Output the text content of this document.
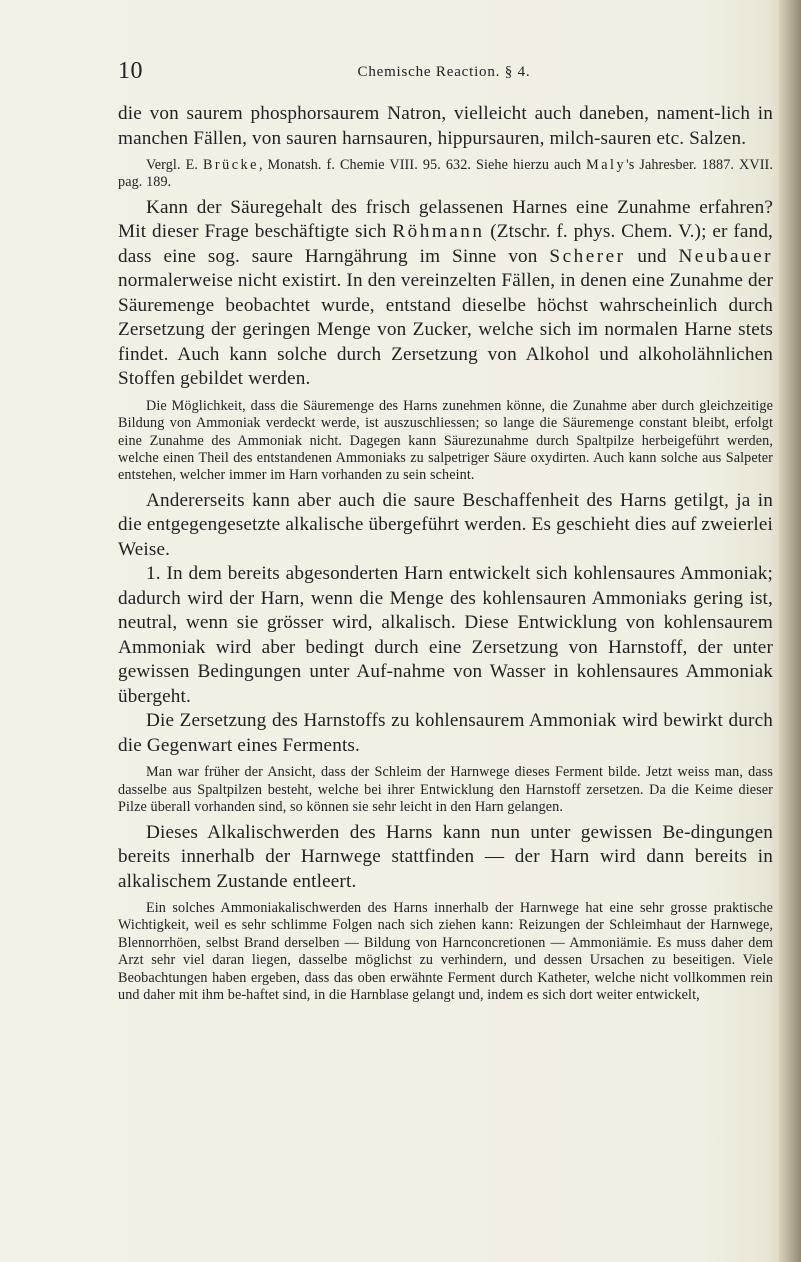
10	Chemische Reaction. § 4.

die von saurem phosphorsaurem Natron, vielleicht auch daneben, nament-lich in manchen Fällen, von sauren harnsauren, hippursauren, milch-sauren etc. Salzen.

Vergl. E. Brücke, Monatsh. f. Chemie VIII. 95. 632. Siehe hierzu auch Maly's Jahresber. 1887. XVII. pag. 189.

Kann der Säuregehalt des frisch gelassenen Harnes eine Zunahme erfahren? Mit dieser Frage beschäftigte sich Röhmann (Ztschr. f. phys. Chem. V.); er fand, dass eine sog. saure Harngährung im Sinne von Scherer und Neubauer normalerweise nicht existirt. In den vereinzelten Fällen, in denen eine Zunahme der Säuremenge beobachtet wurde, entstand dieselbe höchst wahrscheinlich durch Zersetzung der geringen Menge von Zucker, welche sich im normalen Harne stets findet. Auch kann solche durch Zersetzung von Alkohol und alkoholähnlichen Stoffen gebildet werden.

Die Möglichkeit, dass die Säuremenge des Harns zunehmen könne, die Zunahme aber durch gleichzeitige Bildung von Ammoniak verdeckt werde, ist auszuschliessen; so lange die Säuremenge constant bleibt, erfolgt eine Zunahme des Ammoniak nicht. Dagegen kann Säurezunahme durch Spaltpilze herbeigeführt werden, welche einen Theil des entstandenen Ammoniaks zu salpetriger Säure oxydirten. Auch kann solche aus Salpeter entstehen, welcher immer im Harn vorhanden zu sein scheint.

Andererseits kann aber auch die saure Beschaffenheit des Harns getilgt, ja in die entgegengesetzte alkalische übergeführt werden. Es geschieht dies auf zweierlei Weise.

1. In dem bereits abgesonderten Harn entwickelt sich kohlensaures Ammoniak; dadurch wird der Harn, wenn die Menge des kohlensauren Ammoniaks gering ist, neutral, wenn sie grösser wird, alkalisch. Diese Entwicklung von kohlensaurem Ammoniak wird aber bedingt durch eine Zersetzung von Harnstoff, der unter gewissen Bedingungen unter Auf-nahme von Wasser in kohlensaures Ammoniak übergeht.

Die Zersetzung des Harnstoffs zu kohlensaurem Ammoniak wird bewirkt durch die Gegenwart eines Ferments.

Man war früher der Ansicht, dass der Schleim der Harnwege dieses Ferment bilde. Jetzt weiss man, dass dasselbe aus Spaltpilzen besteht, welche bei ihrer Entwicklung den Harnstoff zersetzen. Da die Keime dieser Pilze überall vorhanden sind, so können sie sehr leicht in den Harn gelangen.

Dieses Alkalischwerden des Harns kann nun unter gewissen Be-dingungen bereits innerhalb der Harnwege stattfinden — der Harn wird dann bereits in alkalischem Zustande entleert.

Ein solches Ammoniakalischwerden des Harns innerhalb der Harnwege hat eine sehr grosse praktische Wichtigkeit, weil es sehr schlimme Folgen nach sich ziehen kann: Reizungen der Schleimhaut der Harnwege, Blennorrhöen, selbst Brand derselben — Bildung von Harnconcretionen — Ammoniämie. Es muss daher dem Arzt sehr viel daran liegen, dasselbe möglichst zu verhindern, und dessen Ursachen zu beseitigen. Viele Beobachtungen haben ergeben, dass das oben erwähnte Ferment durch Katheter, welche nicht vollkommen rein und daher mit ihm be-haftet sind, in die Harnblase gelangt und, indem es sich dort weiter entwickelt,
